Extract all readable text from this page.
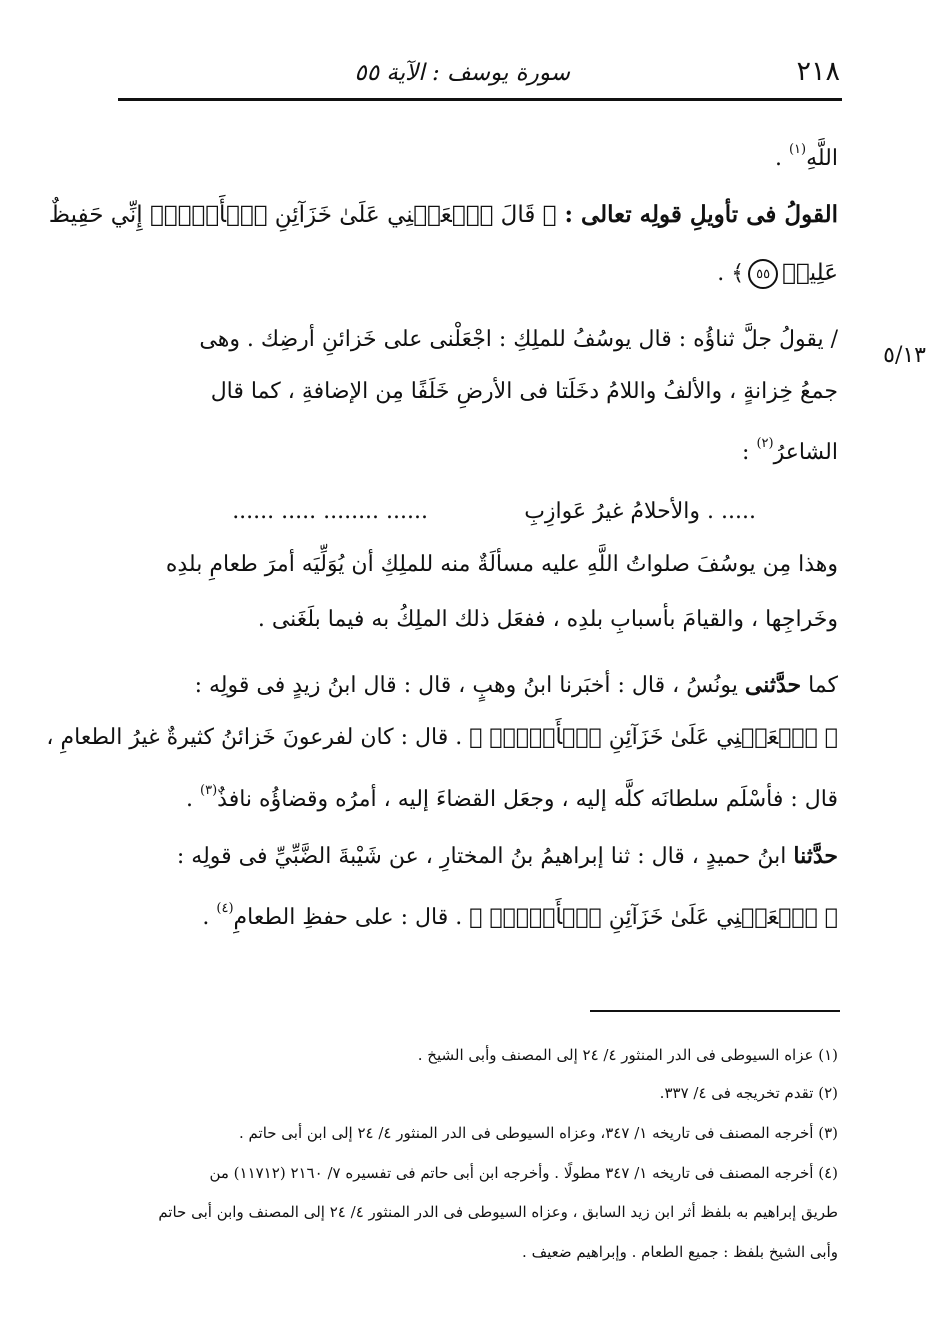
٢١٨
سورة يوسف : الآية ٥٥
٥/١٣
اللَّهِ$^{(١)}$ .
القولُ فى تأويلِ قولِه تعالى : ﴿ قَالَ ٱجۡعَلۡنِي عَلَىٰ خَزَآئِنِ ٱلۡأَرۡضِۖ إِنِّي حَفِيظٌ
عَلِيمٞ٥٥﴾ .
/ يقولُ جلَّ ثناؤُه : قال يوسُفُ للملِكِ : اجْعَلْنى على خَزائنِ أرضِك . وهى
جمعُ خِزانةٍ ، والألفُ واللامُ دخَلَتا فى الأرضِ خَلَفًا مِن الإضافةِ ، كما قال
الشاعرُ$^{(٢)}$ :
..... . والأحلامُ غيرُ عَوازِبِ
...... ........ ..... ......
وهذا مِن يوسُفَ صلواتُ اللَّهِ عليه مسألَةٌ منه للملِكِ أن يُوَلِّيَه أمرَ طعامِ بلدِه
وخَراجِها ، والقيامَ بأسبابِ بلدِه ، ففعَل ذلك الملِكُ به فيما بلَغَنى .
كما حدَّثنى يونُسُ ، قال : أخبَرنا ابنُ وهبٍ ، قال : قال ابنُ زيدٍ فى قولِه :
﴿ ٱجۡعَلۡنِي عَلَىٰ خَزَآئِنِ ٱلۡأَرۡضِۖ ﴾ . قال : كان لفرعونَ خَزائنُ كثيرةٌ غيرُ الطعامِ ،
قال : فأسْلَم سلطانَه كلَّه إليه ، وجعَل القضاءَ إليه ، أمرُه وقضاؤُه نافذٌ$^{(٣)}$ .
حدَّثنا ابنُ حميدٍ ، قال : ثنا إبراهيمُ بنُ المختارِ ، عن شَيْبةَ الضَّبِّيِّ فى قولِه :
﴿ ٱجۡعَلۡنِي عَلَىٰ خَزَآئِنِ ٱلۡأَرۡضِۖ ﴾ . قال : على حفظِ الطعامِ$^{(٤)}$ .
(١) عزاه السيوطى فى الدر المنثور ٤/ ٢٤ إلى المصنف وأبى الشيخ .
(٢) تقدم تخريجه فى ٤/ ٣٣٧.
(٣) أخرجه المصنف فى تاريخه ١/ ٣٤٧، وعزاه السيوطى فى الدر المنثور ٤/ ٢٤ إلى ابن أبى حاتم .
(٤) أخرجه المصنف فى تاريخه ١/ ٣٤٧ مطولًا . وأخرجه ابن أبى حاتم فى تفسيره ٧/ ٢١٦٠ (١١٧١٢) من
طريق إبراهيم به بلفظ أثر ابن زيد السابق ، وعزاه السيوطى فى الدر المنثور ٤/ ٢٤ إلى المصنف وابن أبى حاتم
وأبى الشيخ بلفظ : جميع الطعام . وإبراهيم ضعيف .
